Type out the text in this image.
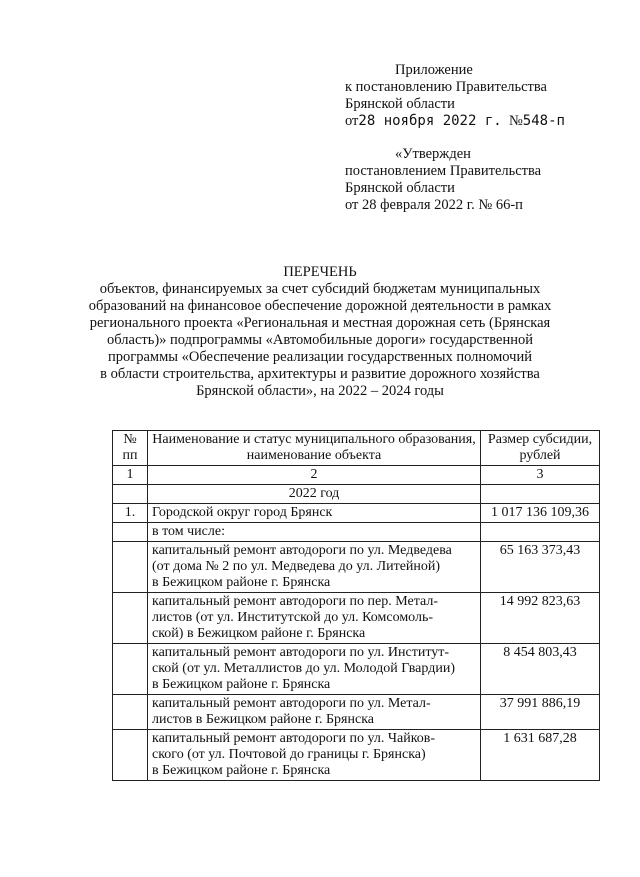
Приложение
к постановлению Правительства
Брянской области
от28 ноября 2022 г. №548-п
«Утвержден
постановлением Правительства
Брянской области
от 28 февраля 2022 г. № 66-п
ПЕРЕЧЕНЬ
объектов, финансируемых за счет субсидий бюджетам муниципальных
образований на финансовое обеспечение дорожной деятельности в рамках
регионального проекта «Региональная и местная дорожная сеть (Брянская
область)» подпрограммы «Автомобильные дороги» государственной
программы «Обеспечение реализации государственных полномочий
в области строительства, архитектуры и развитие дорожного хозяйства
Брянской области», на 2022 – 2024 годы
№ пп	Наименование и статус муниципального образования, наименование объекта	Размер субсидии, рублей
1	2	3
	2022 год	
1.	Городской округ город Брянск	1 017 136 109,36
	в том числе:	

	капитальный ремонт автодороги по ул. Медведева
(от дома № 2 по ул. Медведева до ул. Литейной)
в Бежицком районе г. Брянска	65 163 373,43

	капитальный ремонт автодороги по пер. Метал-
листов (от ул. Институтской до ул. Комсомоль-
ской) в Бежицком районе г. Брянска	14 992 823,63

	капитальный ремонт автодороги по ул. Институт-
ской (от ул. Металлистов до ул. Молодой Гвардии)
в Бежицком районе г. Брянска	8 454 803,43

	капитальный ремонт автодороги по ул. Метал-
листов в Бежицком районе г. Брянска	37 991 886,19

	капитальный ремонт автодороги по ул. Чайков-
ского (от ул. Почтовой до границы г. Брянска)
в Бежицком районе г. Брянска	1 631 687,28
